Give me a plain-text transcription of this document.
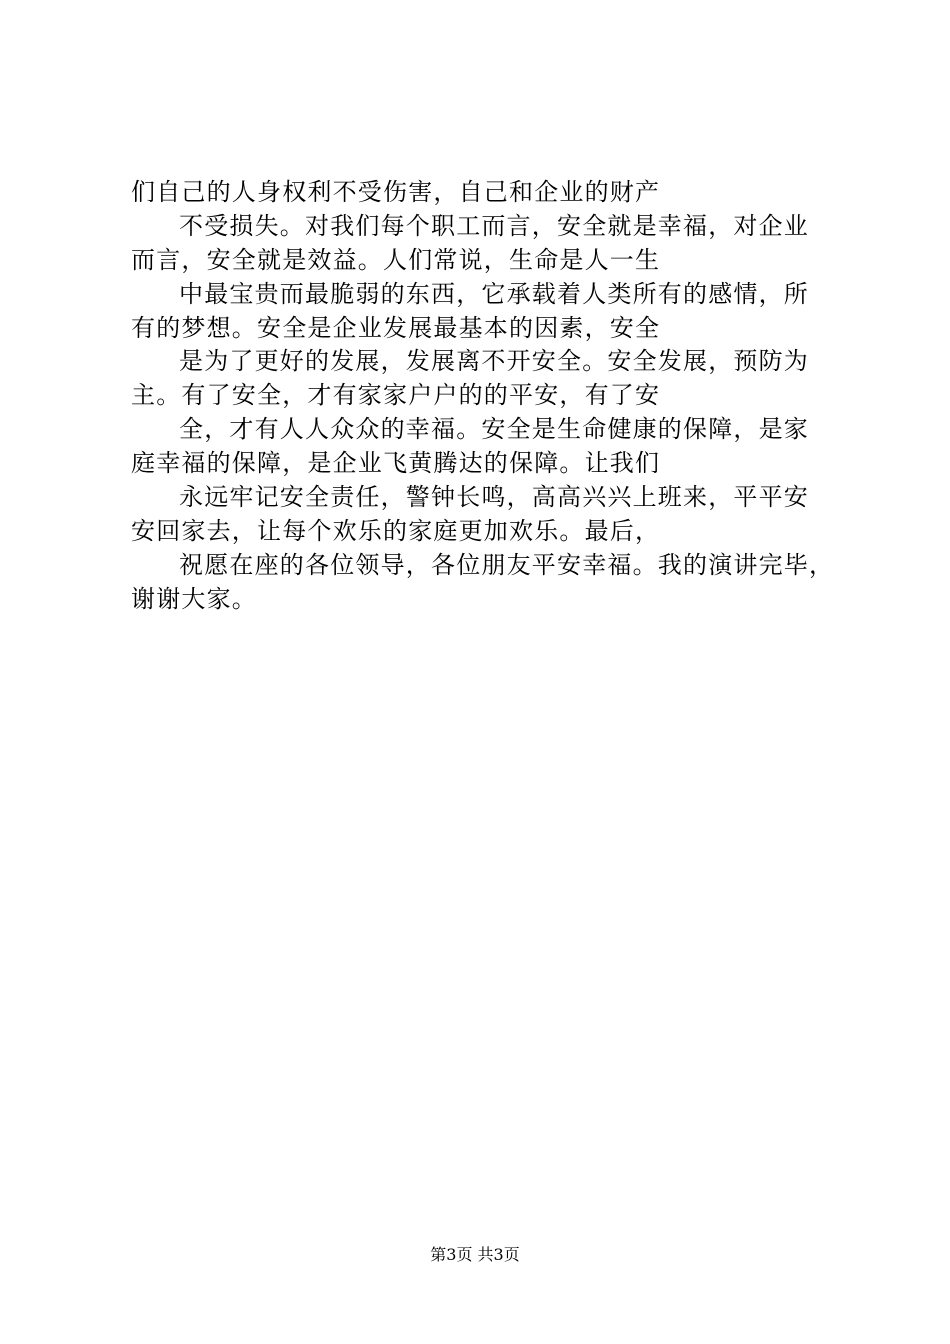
们自己的人身权利不受伤害，自己和企业的财产
不受损失。对我们每个职工而言，安全就是幸福，对企业
而言，安全就是效益。人们常说，生命是人一生
中最宝贵而最脆弱的东西，它承载着人类所有的感情，所
有的梦想。安全是企业发展最基本的因素，安全
是为了更好的发展，发展离不开安全。安全发展，预防为
主。有了安全，才有家家户户的的平安，有了安
全，才有人人众众的幸福。安全是生命健康的保障，是家
庭幸福的保障，是企业飞黄腾达的保障。让我们
永远牢记安全责任，警钟长鸣，高高兴兴上班来，平平安
安回家去，让每个欢乐的家庭更加欢乐。最后，
祝愿在座的各位领导，各位朋友平安幸福。我的演讲完毕，
谢谢大家。
第3页 共3页
